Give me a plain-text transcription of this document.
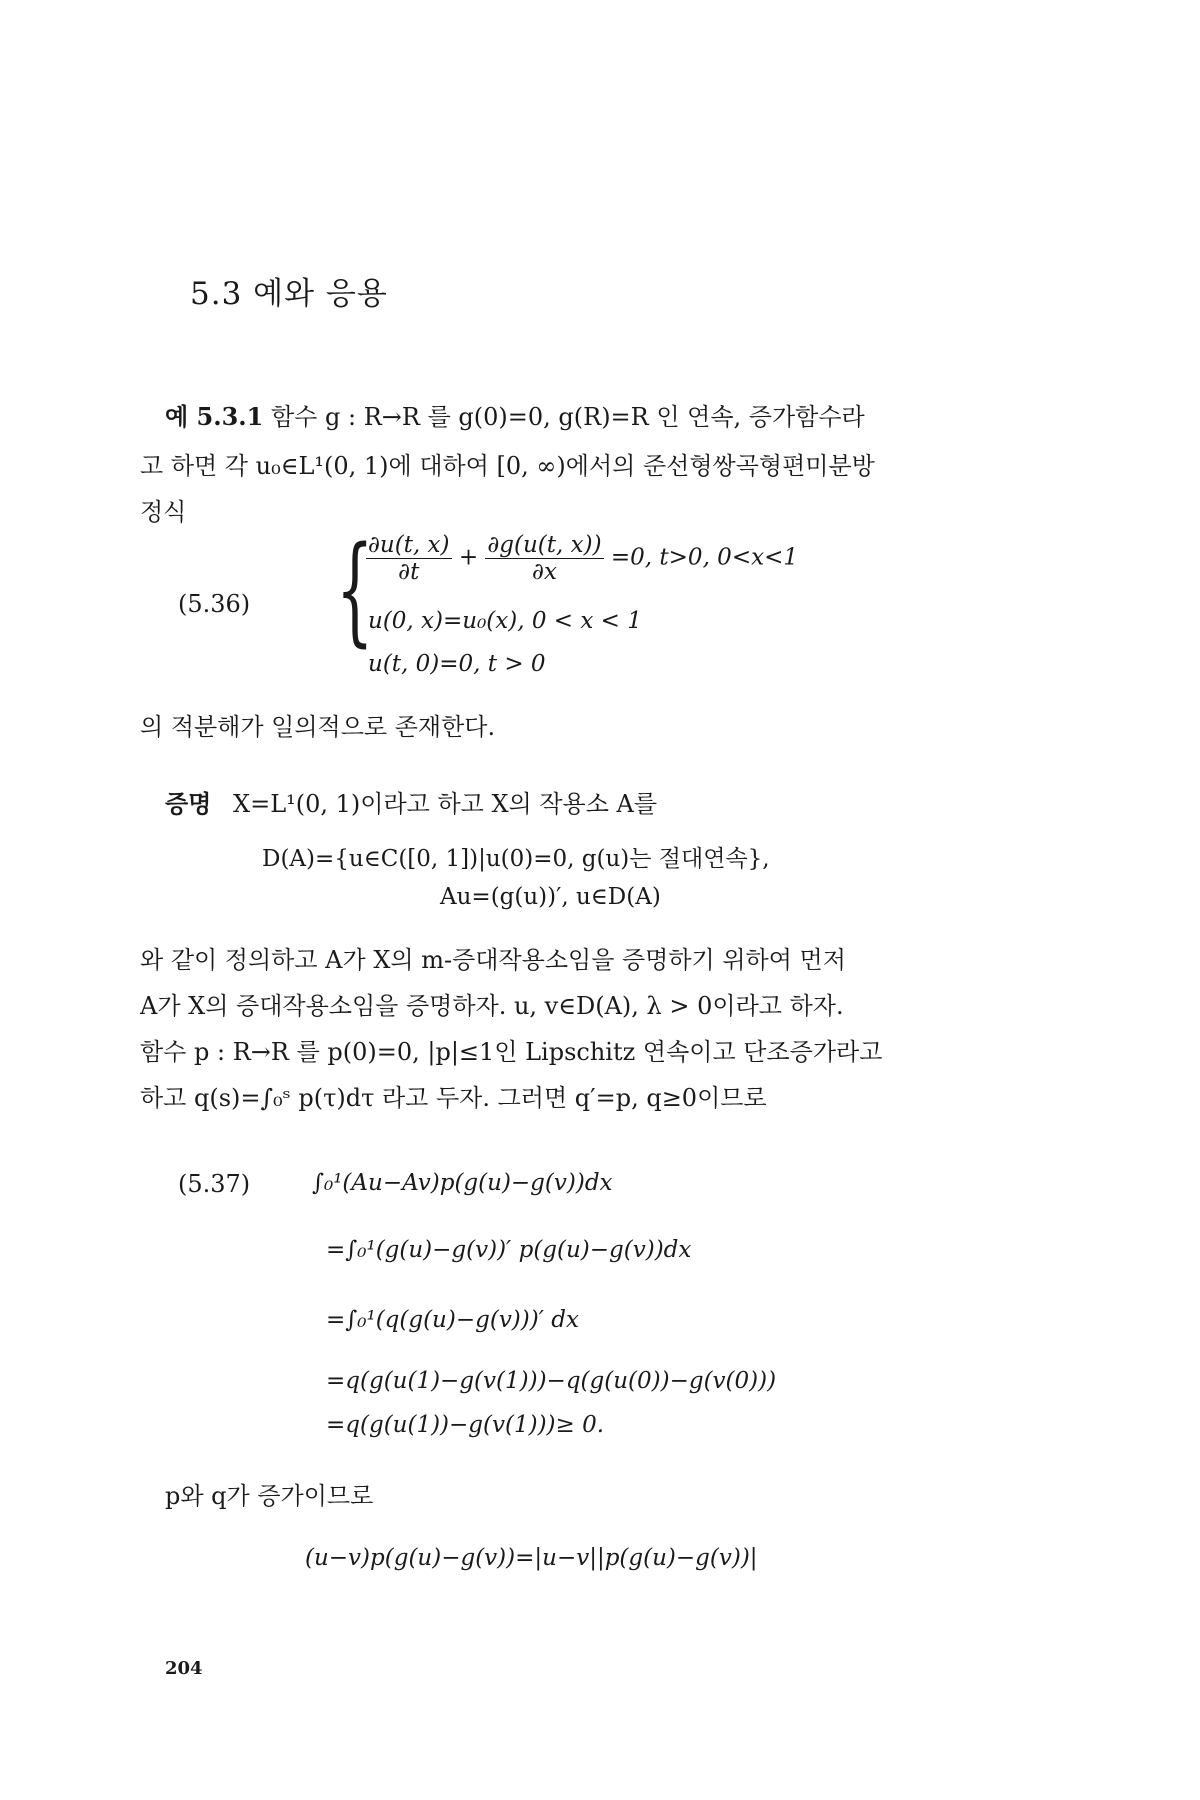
5.3 예와 응용
예 5.3.1 함수 g : R→R 를 g(0)=0, g(R)=R 인 연속, 증가함수라
고 하면 각 u₀∈L¹(0, 1)에 대하여 [0, ∞)에서의 준선형쌍곡형편미분방
정식
(5.36) {
$\frac{\partial u(t, x)}{\partial t} + \frac{\partial g(u(t, x))}{\partial x} =0$, t>0, 0<x<1
u(0, x)=u₀(x), 0 < x < 1
u(t, 0)=0, t > 0
의 적분해가 일의적으로 존재한다.
증명 X=L¹(0, 1)이라고 하고 X의 작용소 A를
D(A)={u∈C([0, 1])|u(0)=0, g(u)는 절대연속},
Au=(g(u))′, u∈D(A)
와 같이 정의하고 A가 X의 m-증대작용소임을 증명하기 위하여 먼저
A가 X의 증대작용소임을 증명하자. u, v∈D(A), λ > 0이라고 하자.
함수 p : R→R 를 p(0)=0, |p|≤1인 Lipschitz 연속이고 단조증가라고
하고 q(s)=∫₀ˢ p(τ)dτ 라고 두자. 그러면 q′=p, q≥0이므로
(5.37)	∫₀¹(Au−Av)p(g(u)−g(v))dx
=∫₀¹(g(u)−g(v))′ p(g(u)−g(v))dx
=∫₀¹(q(g(u)−g(v)))′ dx
=q(g(u(1)−g(v(1)))−q(g(u(0))−g(v(0)))
=q(g(u(1))−g(v(1)))≥ 0.
p와 q가 증가이므로
(u−v)p(g(u)−g(v))=|u−v||p(g(u)−g(v))|
204
